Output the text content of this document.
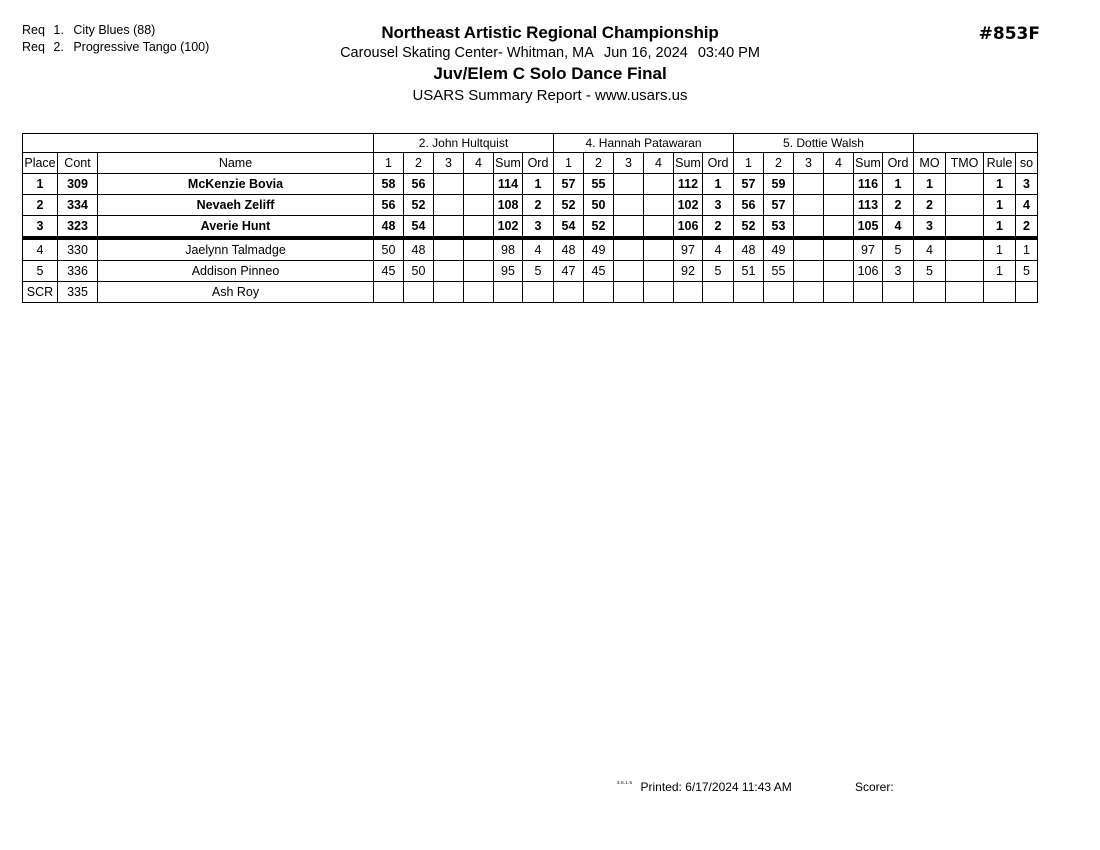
Req 1. City Blues (88)
Req 2. Progressive Tango (100)
Northeast Artistic Regional Championship
Carousel Skating Center- Whitman, MA Jun 16, 2024 03:40 PM
Juv/Elem C Solo Dance Final
USARS Summary Report - www.usars.us
#853F
			2. John Hultquist						4. Hannah Patawaran						5. Dottie Walsh									
Place	Cont	Name	1	2	3	4	Sum	Ord	1	2	3	4	Sum	Ord	1	2	3	4	Sum	Ord	MO	TMO	Rule	so
1	309	McKenzie Bovia	58	56			114	1	57	55			112	1	57	59			116	1	1		1	3
2	334	Nevaeh Zeliff	56	52			108	2	52	50			102	3	56	57			113	2	2		1	4
3	323	Averie Hunt	48	54			102	3	54	52			106	2	52	53			105	4	3		1	2
4	330	Jaelynn Talmadge	50	48			98	4	48	49			97	4	48	49			97	5	4		1	1
5	336	Addison Pinneo	45	50			95	5	47	45			92	5	51	55			106	3	5		1	5
SCR	335	Ash Roy																						
$^{3.6.1.6}$ Printed: 6/17/2024 11:43 AM	Scorer:
